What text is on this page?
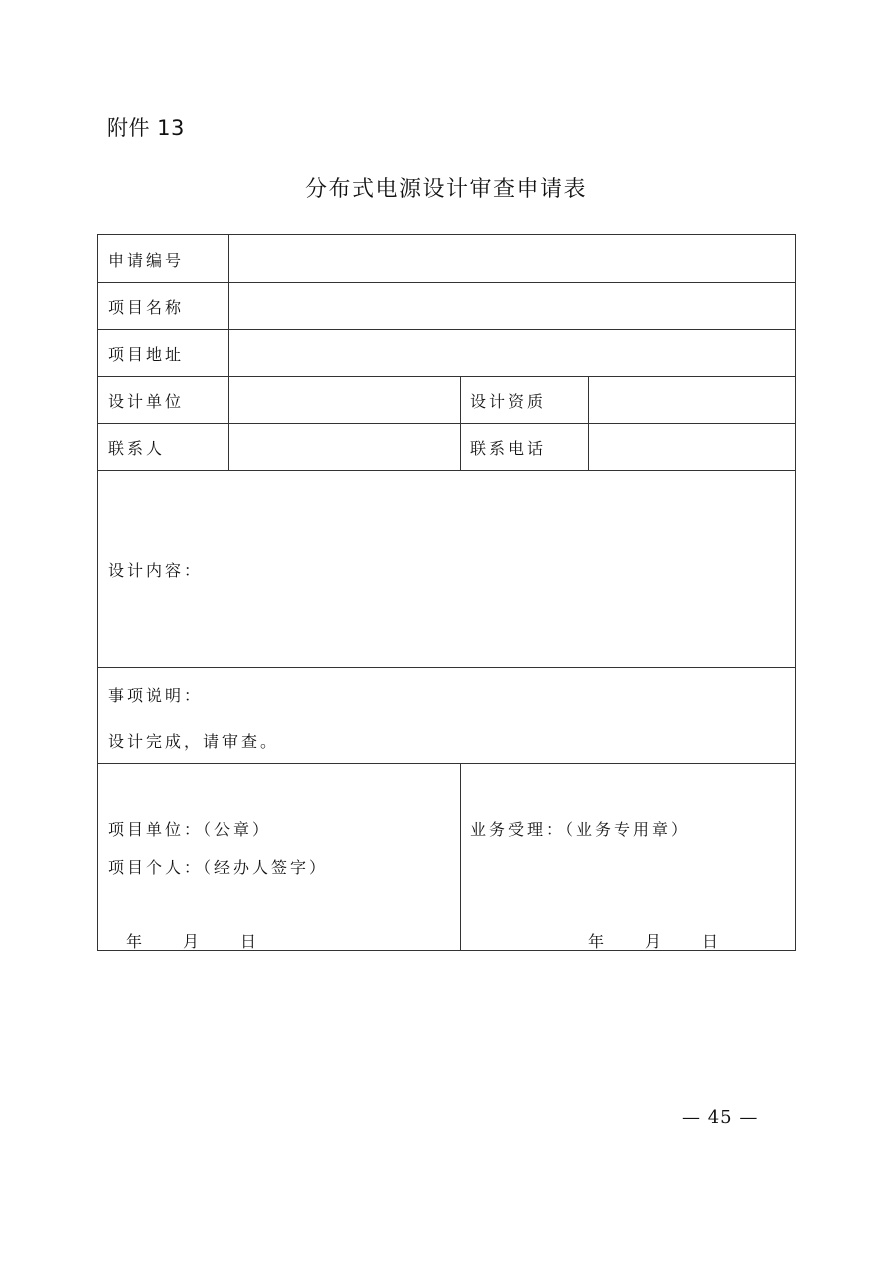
附件 13
分布式电源设计审查申请表
申请编号
项目名称
项目地址
设计单位	设计资质
联系人	联系电话
设计内容：
事项说明：
设计完成，请审查。
项目单位：（公章）
项目个人：（经办人签字）
年　　月　　日
业务受理：（业务专用章）
年　　月　　日
— 45 —
